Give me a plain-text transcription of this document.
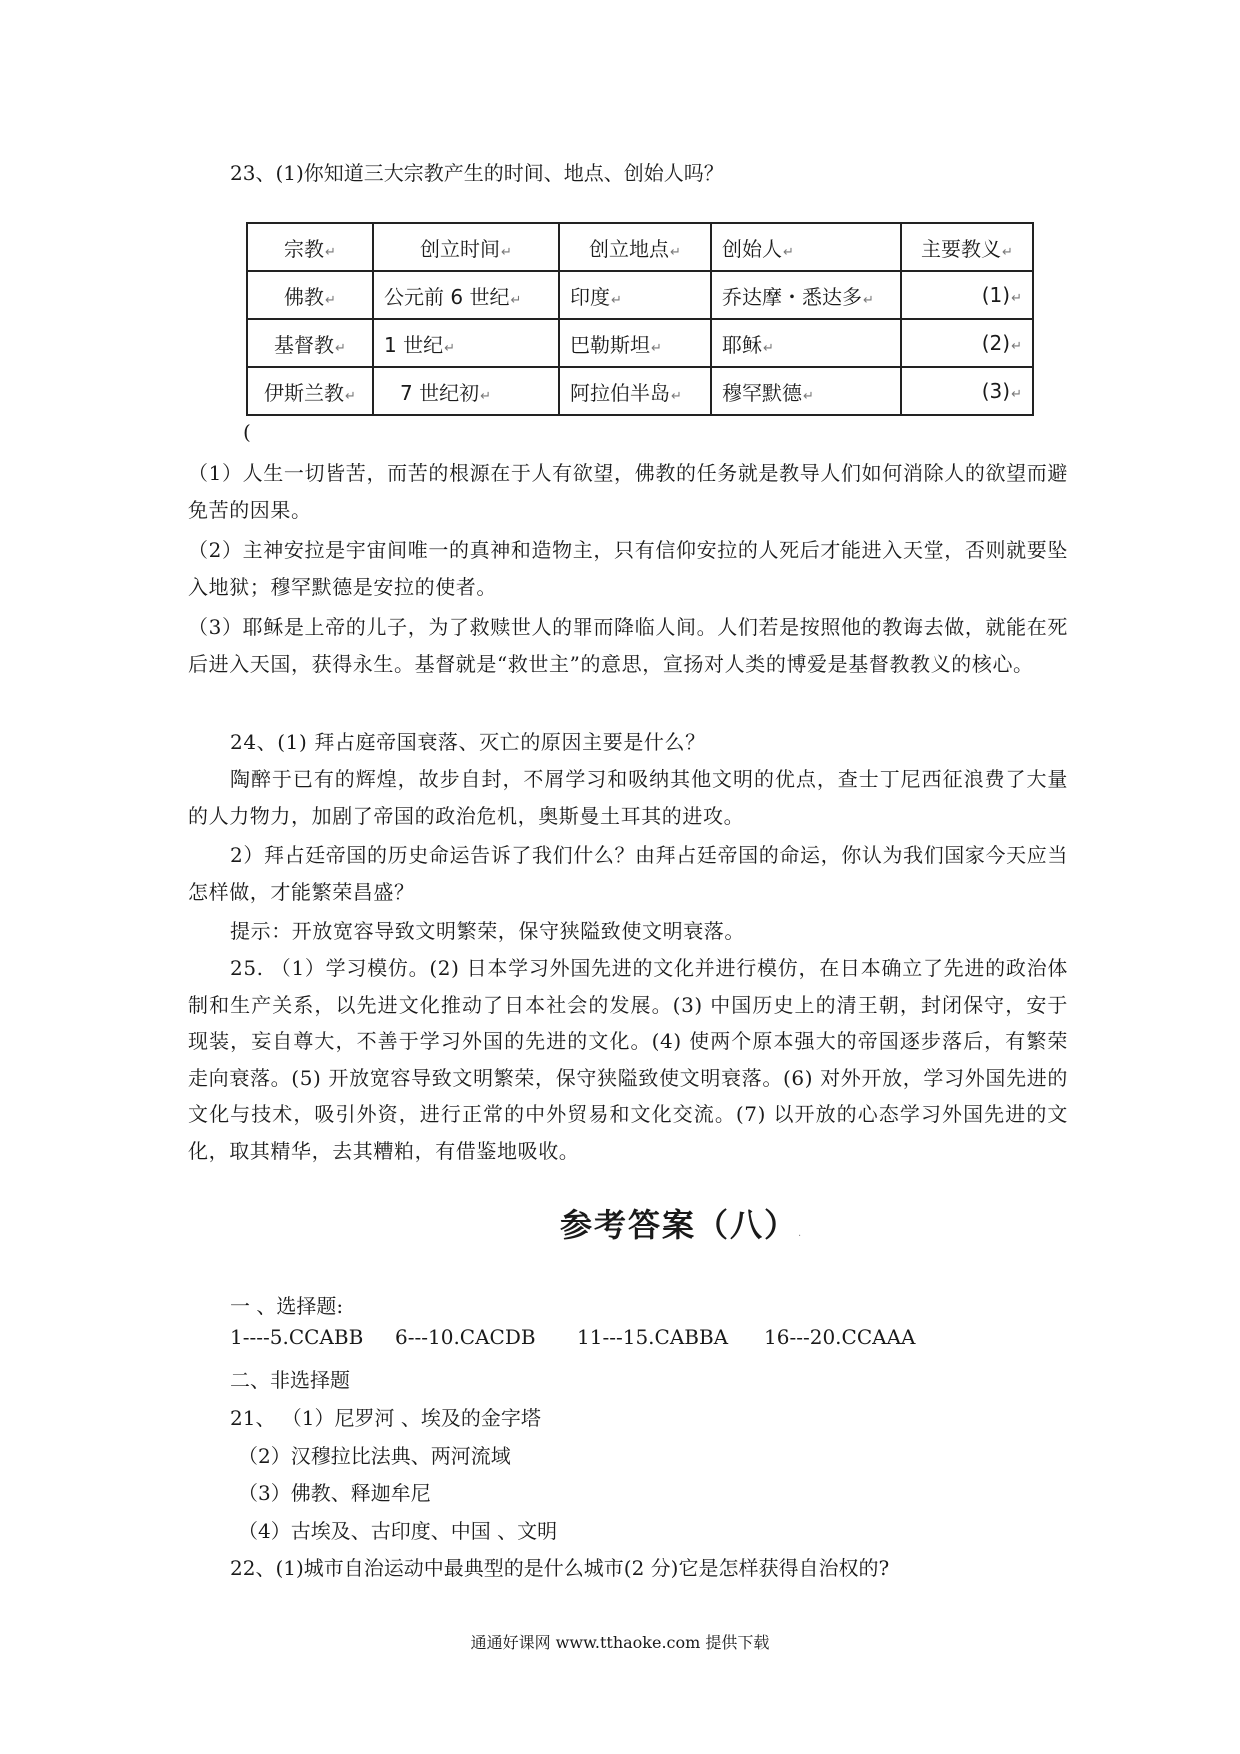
23、(1)你知道三大宗教产生的时间、地点、创始人吗？
宗教↵	创立时间↵	创立地点↵	创始人↵	主要教义↵
佛教↵	公元前 6 世纪↵	印度↵	乔达摩・悉达多↵	(1)↵
基督教↵	1 世纪↵	巴勒斯坦↵	耶稣↵	(2)↵
伊斯兰教↵	7 世纪初↵	阿拉伯半岛↵	穆罕默德↵	(3)↵
(
（1）人生一切皆苦，而苦的根源在于人有欲望，佛教的任务就是教导人们如何消除人的欲望而避免苦的因果。
（2）主神安拉是宇宙间唯一的真神和造物主，只有信仰安拉的人死后才能进入天堂，否则就要坠入地狱；穆罕默德是安拉的使者。
（3）耶稣是上帝的儿子，为了救赎世人的罪而降临人间。人们若是按照他的教诲去做，就能在死后进入天国，获得永生。基督就是“救世主”的意思，宣扬对人类的博爱是基督教教义的核心。
24、(1) 拜占庭帝国衰落、灭亡的原因主要是什么？
陶醉于已有的辉煌，故步自封，不屑学习和吸纳其他文明的优点，查士丁尼西征浪费了大量的人力物力，加剧了帝国的政治危机，奥斯曼土耳其的进攻。
2）拜占廷帝国的历史命运告诉了我们什么？由拜占廷帝国的命运，你认为我们国家今天应当怎样做，才能繁荣昌盛？
提示：开放宽容导致文明繁荣，保守狭隘致使文明衰落。
25. （1）学习模仿。(2) 日本学习外国先进的文化并进行模仿，在日本确立了先进的政治体制和生产关系，以先进文化推动了日本社会的发展。(3) 中国历史上的清王朝，封闭保守，安于现装，妄自尊大，不善于学习外国的先进的文化。(4) 使两个原本强大的帝国逐步落后，有繁荣走向衰落。(5) 开放宽容导致文明繁荣，保守狭隘致使文明衰落。(6) 对外开放，学习外国先进的文化与技术，吸引外资，进行正常的中外贸易和文化交流。(7) 以开放的心态学习外国先进的文化，取其精华，去其糟粕，有借鉴地吸收。
参考答案（八）.
一 、选择题:
1----5.CCABB 6---10.CACDB 11---15.CABBA 16---20.CCAAA
二、非选择题
21、 （1）尼罗河 、埃及的金字塔
（2）汉穆拉比法典、两河流域
（3）佛教、释迦牟尼
（4）古埃及、古印度、中国 、文明
22、(1)城市自治运动中最典型的是什么城市(2 分)它是怎样获得自治权的?
通通好课网 www.tthaoke.com 提供下载
